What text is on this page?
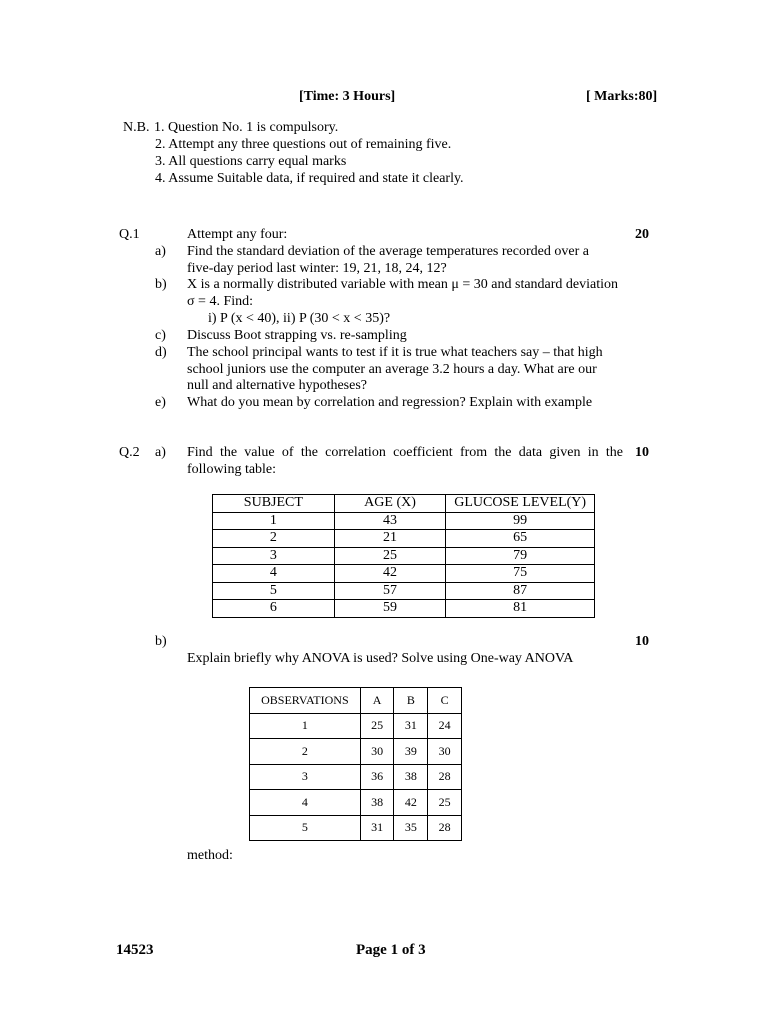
[Time: 3 Hours]	[ Marks:80]
N.B. 1. Question No. 1 is compulsory.
2. Attempt any three questions out of remaining five.
3. All questions carry equal marks
4. Assume Suitable data, if required and state it clearly.
Q.1	Attempt any four:	20
a) Find the standard deviation of the average temperatures recorded over a
five-day period last winter: 19, 21, 18, 24, 12?
b) X is a normally distributed variable with mean μ = 30 and standard deviation
σ = 4. Find:
i) P (x < 40), ii) P (30 < x < 35)?
c) Discuss Boot strapping vs. re-sampling
d) The school principal wants to test if it is true what teachers say – that high
school juniors use the computer an average 3.2 hours a day. What are our
null and alternative hypotheses?
e) What do you mean by correlation and regression? Explain with example
Q.2 a) Find the value of the correlation coefficient from the data given in the
following table:
10
SUBJECT	AGE (X)	GLUCOSE LEVEL(Y)
1	43	99
2	21	65
3	25	79
4	42	75
5	57	87
6	59	81
b)	10
Explain briefly why ANOVA is used? Solve using One-way ANOVA
OBSERVATIONS	A	B	C
1	25	31	24
2	30	39	30
3	36	38	28
4	38	42	25
5	31	35	28
method:
14523	Page 1 of 3
